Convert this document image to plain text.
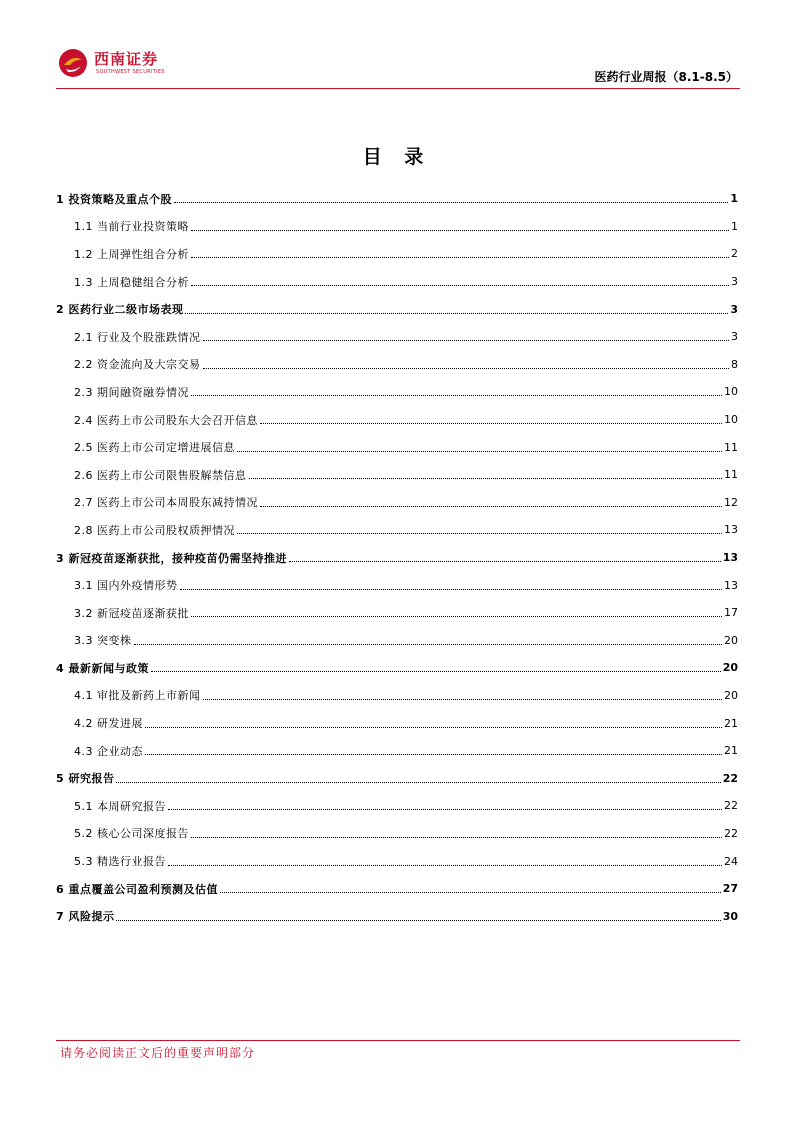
西南证券
SOUTHWEST SECURITIES	医药行业周报（8.1-8.5）
目 录
1 投资策略及重点个股	1
1.1 当前行业投资策略	1
1.2 上周弹性组合分析	2
1.3 上周稳健组合分析	3
2 医药行业二级市场表现	3
2.1 行业及个股涨跌情况	3
2.2 资金流向及大宗交易	8
2.3 期间融资融券情况	10
2.4 医药上市公司股东大会召开信息	10
2.5 医药上市公司定增进展信息	11
2.6 医药上市公司限售股解禁信息	11
2.7 医药上市公司本周股东减持情况	12
2.8 医药上市公司股权质押情况	13
3 新冠疫苗逐渐获批，接种疫苗仍需坚持推进	13
3.1 国内外疫情形势	13
3.2 新冠疫苗逐渐获批	17
3.3 突变株	20
4 最新新闻与政策	20
4.1 审批及新药上市新闻	20
4.2 研发进展	21
4.3 企业动态	21
5 研究报告	22
5.1 本周研究报告	22
5.2 核心公司深度报告	22
5.3 精选行业报告	24
6 重点覆盖公司盈利预测及估值	27
7 风险提示	30
请务必阅读正文后的重要声明部分
